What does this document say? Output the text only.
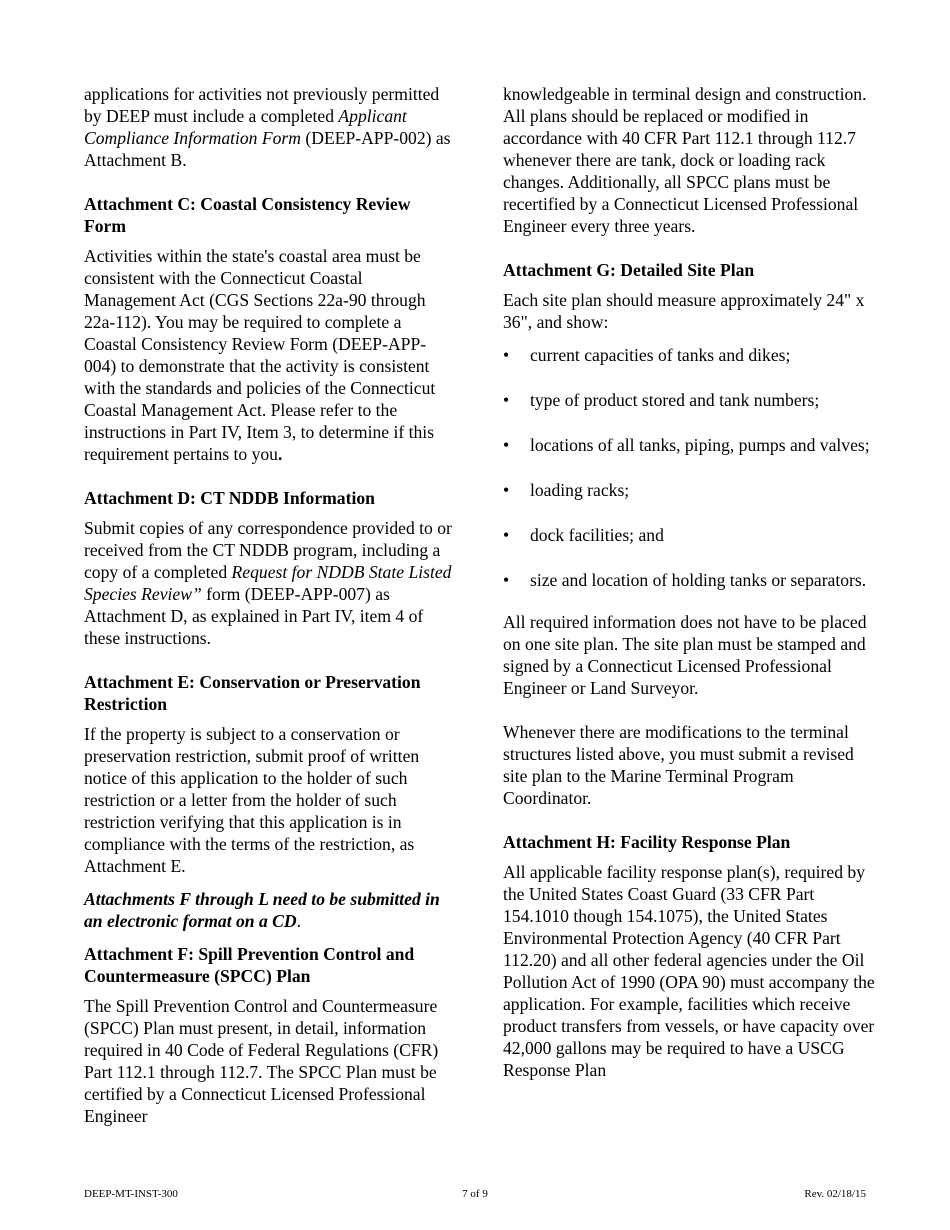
applications for activities not previously permitted by DEEP must include a completed Applicant Compliance Information Form (DEEP-APP-002) as Attachment B.

Attachment C: Coastal Consistency Review Form

Activities within the state's coastal area must be consistent with the Connecticut Coastal Management Act (CGS Sections 22a-90 through 22a-112). You may be required to complete a Coastal Consistency Review Form (DEEP-APP-004) to demonstrate that the activity is consistent with the standards and policies of the Connecticut Coastal Management Act. Please refer to the instructions in Part IV, Item 3, to determine if this requirement pertains to you.

Attachment D: CT NDDB Information

Submit copies of any correspondence provided to or received from the CT NDDB program, including a copy of a completed Request for NDDB State Listed Species Review” form (DEEP-APP-007) as Attachment D, as explained in Part IV, item 4 of these instructions.

Attachment E: Conservation or Preservation Restriction

If the property is subject to a conservation or preservation restriction, submit proof of written notice of this application to the holder of such restriction or a letter from the holder of such restriction verifying that this application is in compliance with the terms of the restriction, as Attachment E.

Attachments F through L need to be submitted in an electronic format on a CD.

Attachment F: Spill Prevention Control and Countermeasure (SPCC) Plan

The Spill Prevention Control and Countermeasure (SPCC) Plan must present, in detail, information required in 40 Code of Federal Regulations (CFR) Part 112.1 through 112.7. The SPCC Plan must be certified by a Connecticut Licensed Professional Engineer

knowledgeable in terminal design and construction. All plans should be replaced or modified in accordance with 40 CFR Part 112.1 through 112.7 whenever there are tank, dock or loading rack changes. Additionally, all SPCC plans must be recertified by a Connecticut Licensed Professional Engineer every three years.

Attachment G: Detailed Site Plan

Each site plan should measure approximately 24" x 36", and show:

• current capacities of tanks and dikes;
• type of product stored and tank numbers;
• locations of all tanks, piping, pumps and valves;
• loading racks;
• dock facilities; and
• size and location of holding tanks or separators.

All required information does not have to be placed on one site plan. The site plan must be stamped and signed by a Connecticut Licensed Professional Engineer or Land Surveyor.

Whenever there are modifications to the terminal structures listed above, you must submit a revised site plan to the Marine Terminal Program Coordinator.

Attachment H: Facility Response Plan

All applicable facility response plan(s), required by the United States Coast Guard (33 CFR Part 154.1010 though 154.1075), the United States Environmental Protection Agency (40 CFR Part 112.20) and all other federal agencies under the Oil Pollution Act of 1990 (OPA 90) must accompany the application. For example, facilities which receive product transfers from vessels, or have capacity over 42,000 gallons may be required to have a USCG Response Plan

DEEP-MT-INST-300	7 of 9	Rev. 02/18/15
